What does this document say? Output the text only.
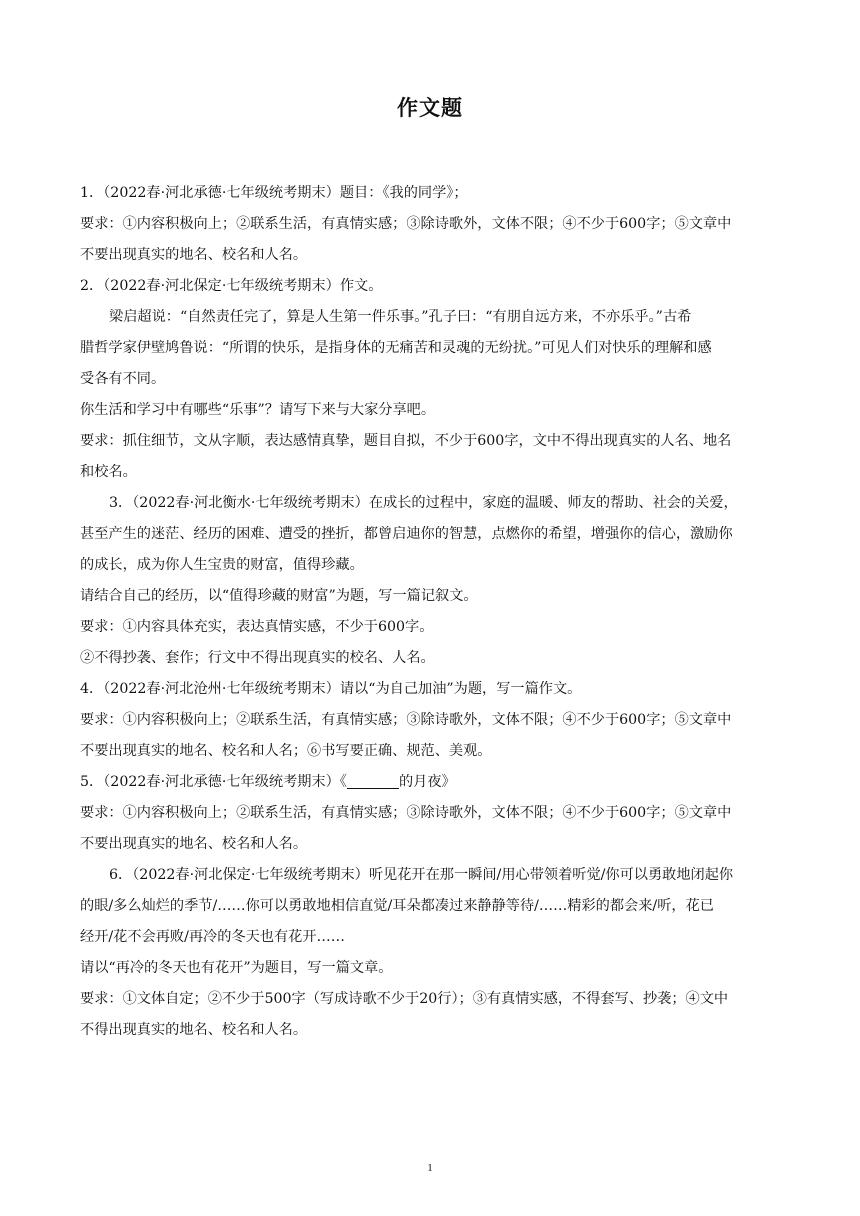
作文题
1．（2022春·河北承德·七年级统考期末）题目：《我的同学》；
要求：①内容积极向上；②联系生活，有真情实感；③除诗歌外，文体不限；④不少于600字；⑤文章中
不要出现真实的地名、校名和人名。
2．（2022春·河北保定·七年级统考期末）作文。
梁启超说：“自然责任完了，算是人生第一件乐事。”孔子曰：“有朋自远方来，不亦乐乎。”古希
腊哲学家伊壁鸠鲁说：“所谓的快乐，是指身体的无痛苦和灵魂的无纷扰。”可见人们对快乐的理解和感
受各有不同。
你生活和学习中有哪些“乐事”？请写下来与大家分享吧。
要求：抓住细节，文从字顺，表达感情真挚，题目自拟，不少于600字，文中不得出现真实的人名、地名
和校名。
3．（2022春·河北衡水·七年级统考期末）在成长的过程中，家庭的温暖、师友的帮助、社会的关爱，
甚至产生的迷茫、经历的困难、遭受的挫折，都曾启迪你的智慧，点燃你的希望，增强你的信心，激励你
的成长，成为你人生宝贵的财富，值得珍藏。
请结合自己的经历，以“值得珍藏的财富”为题，写一篇记叙文。
要求：①内容具体充实，表达真情实感，不少于600字。
②不得抄袭、套作；行文中不得出现真实的校名、人名。
4．（2022春·河北沧州·七年级统考期末）请以“为自己加油”为题，写一篇作文。
要求：①内容积极向上；②联系生活，有真情实感；③除诗歌外，文体不限；④不少于600字；⑤文章中
不要出现真实的地名、校名和人名；⑥书写要正确、规范、美观。
5．（2022春·河北承德·七年级统考期末）《	的月夜》
要求：①内容积极向上；②联系生活，有真情实感；③除诗歌外，文体不限；④不少于600字；⑤文章中
不要出现真实的地名、校名和人名。
6．（2022春·河北保定·七年级统考期末）听见花开在那一瞬间/用心带领着听觉/你可以勇敢地闭起你
的眼/多么灿烂的季节/……你可以勇敢地相信直觉/耳朵都凑过来静静等待/……精彩的都会来/听，花已
经开/花不会再败/再冷的冬天也有花开……
请以“再冷的冬天也有花开”为题目，写一篇文章。
要求：①文体自定；②不少于500字（写成诗歌不少于20行）；③有真情实感，不得套写、抄袭；④文中
不得出现真实的地名、校名和人名。
1
